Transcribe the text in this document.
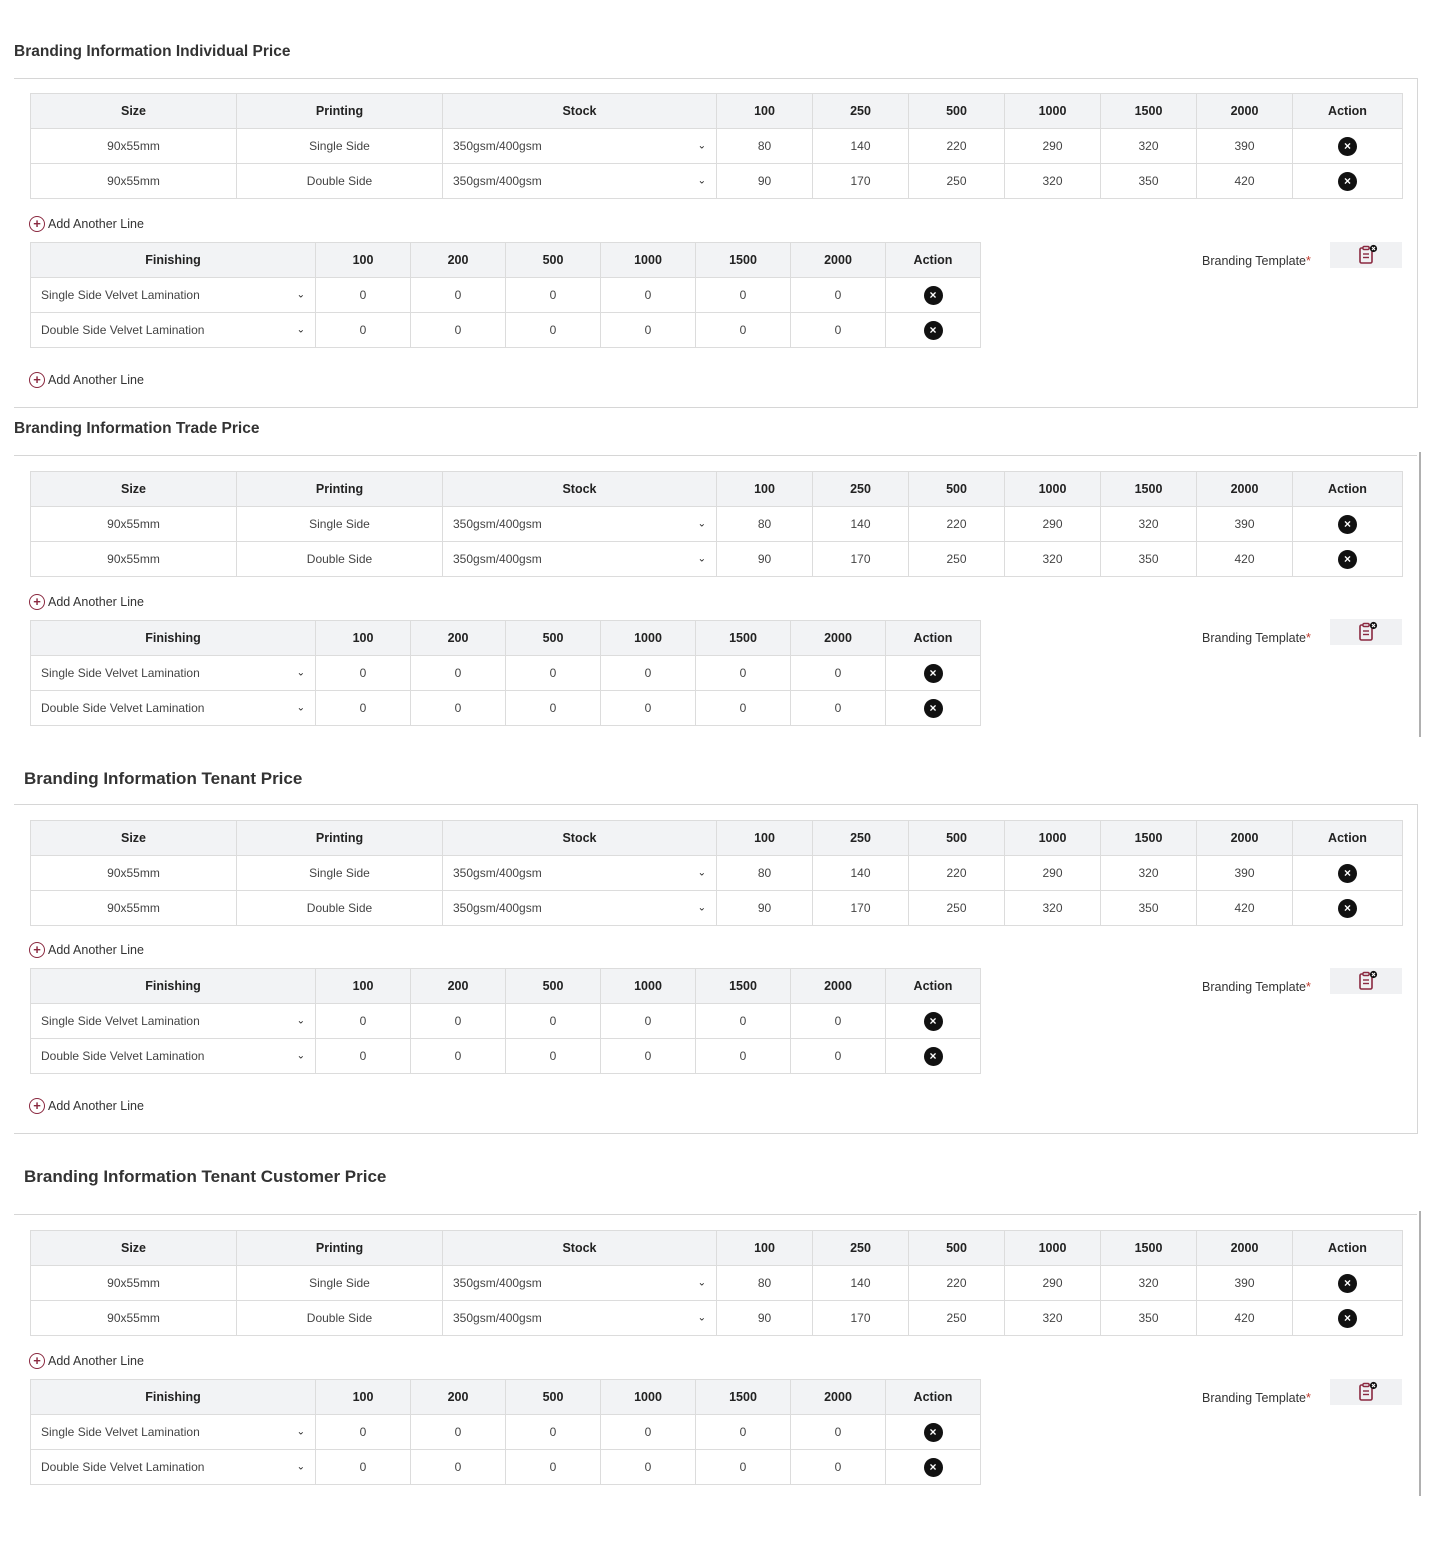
Branding Information Individual Price
Size	Printing	Stock	100	250	500	1000	1500	2000	Action
90x55mm	Single Side	350gsm/400gsm ⌄	80	140	220	290	320	390	×
90x55mm	Double Side	350gsm/400gsm ⌄	90	170	250	320	350	420	×
+ Add Another Line
Finishing	100	200	500	1000	1500	2000	Action
Single Side Velvet Lamination ⌄	0	0	0	0	0	0	×
Double Side Velvet Lamination ⌄	0	0	0	0	0	0	×
+ Add Another Line
Branding Template*
Branding Information Trade Price
Size	Printing	Stock	100	250	500	1000	1500	2000	Action
90x55mm	Single Side	350gsm/400gsm ⌄	80	140	220	290	320	390	×
90x55mm	Double Side	350gsm/400gsm ⌄	90	170	250	320	350	420	×
+ Add Another Line
Finishing	100	200	500	1000	1500	2000	Action
Single Side Velvet Lamination ⌄	0	0	0	0	0	0	×
Double Side Velvet Lamination ⌄	0	0	0	0	0	0	×
Branding Template*
Branding Information Tenant Price
Size	Printing	Stock	100	250	500	1000	1500	2000	Action
90x55mm	Single Side	350gsm/400gsm ⌄	80	140	220	290	320	390	×
90x55mm	Double Side	350gsm/400gsm ⌄	90	170	250	320	350	420	×
+ Add Another Line
Finishing	100	200	500	1000	1500	2000	Action
Single Side Velvet Lamination ⌄	0	0	0	0	0	0	×
Double Side Velvet Lamination ⌄	0	0	0	0	0	0	×
+ Add Another Line
Branding Template*
Branding Information Tenant Customer Price
Size	Printing	Stock	100	250	500	1000	1500	2000	Action
90x55mm	Single Side	350gsm/400gsm ⌄	80	140	220	290	320	390	×
90x55mm	Double Side	350gsm/400gsm ⌄	90	170	250	320	350	420	×
+ Add Another Line
Finishing	100	200	500	1000	1500	2000	Action
Single Side Velvet Lamination ⌄	0	0	0	0	0	0	×
Double Side Velvet Lamination ⌄	0	0	0	0	0	0	×
Branding Template*
